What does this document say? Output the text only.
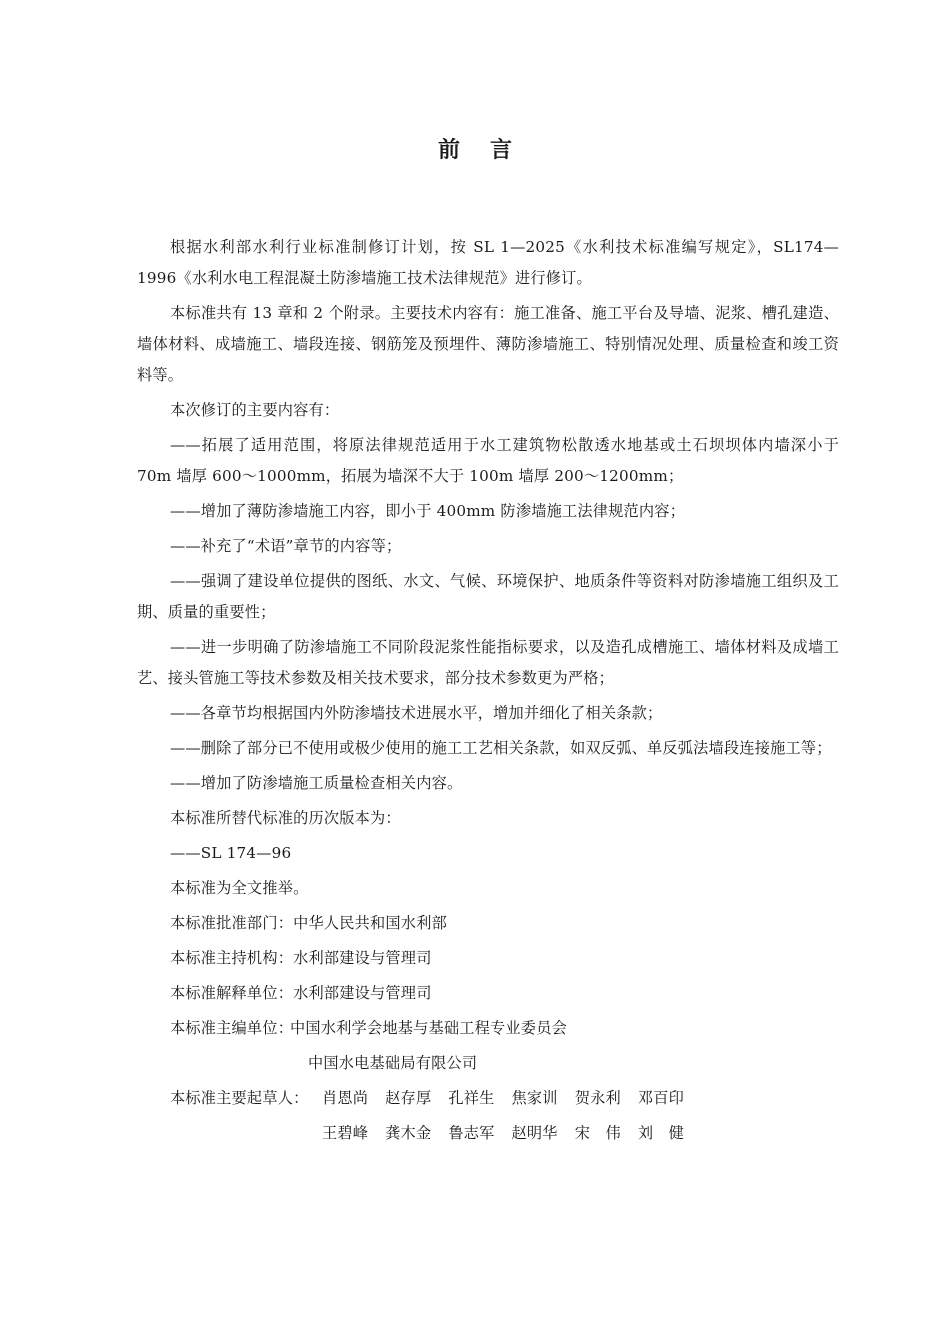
前 言

根据水利部水利行业标准制修订计划，按 SL 1—2025《水利技术标准编写规定》，SL174—1996《水利水电工程混凝土防渗墙施工技术法律规范》进行修订。

本标准共有 13 章和 2 个附录。主要技术内容有：施工准备、施工平台及导墙、泥浆、槽孔建造、墙体材料、成墙施工、墙段连接、钢筋笼及预埋件、薄防渗墙施工、特别情况处理、质量检查和竣工资料等。

本次修订的主要内容有：

——拓展了适用范围，将原法律规范适用于水工建筑物松散透水地基或土石坝坝体内墙深小于 70m 墙厚 600～1000mm，拓展为墙深不大于 100m 墙厚 200～1200mm；

——增加了薄防渗墙施工内容，即小于 400mm 防渗墙施工法律规范内容；

——补充了“术语”章节的内容等；

——强调了建设单位提供的图纸、水文、气候、环境保护、地质条件等资料对防渗墙施工组织及工期、质量的重要性；

——进一步明确了防渗墙施工不同阶段泥浆性能指标要求，以及造孔成槽施工、墙体材料及成墙工艺、接头管施工等技术参数及相关技术要求，部分技术参数更为严格；

——各章节均根据国内外防渗墙技术进展水平，增加并细化了相关条款；

——删除了部分已不使用或极少使用的施工工艺相关条款，如双反弧、单反弧法墙段连接施工等；

——增加了防渗墙施工质量检查相关内容。

本标准所替代标准的历次版本为：

——SL 174—96

本标准为全文推举。

本标准批准部门：中华人民共和国水利部

本标准主持机构：水利部建设与管理司

本标准解释单位：水利部建设与管理司

本标准主编单位：
中国水利学会地基与基础工程专业委员会
中国水电基础局有限公司
本标准主要起草人： 肖恩尚 赵存厚 孔祥生 焦家训 贺永利 邓百印
王碧峰 龚木金 鲁志军 赵明华 宋　伟 刘　健
